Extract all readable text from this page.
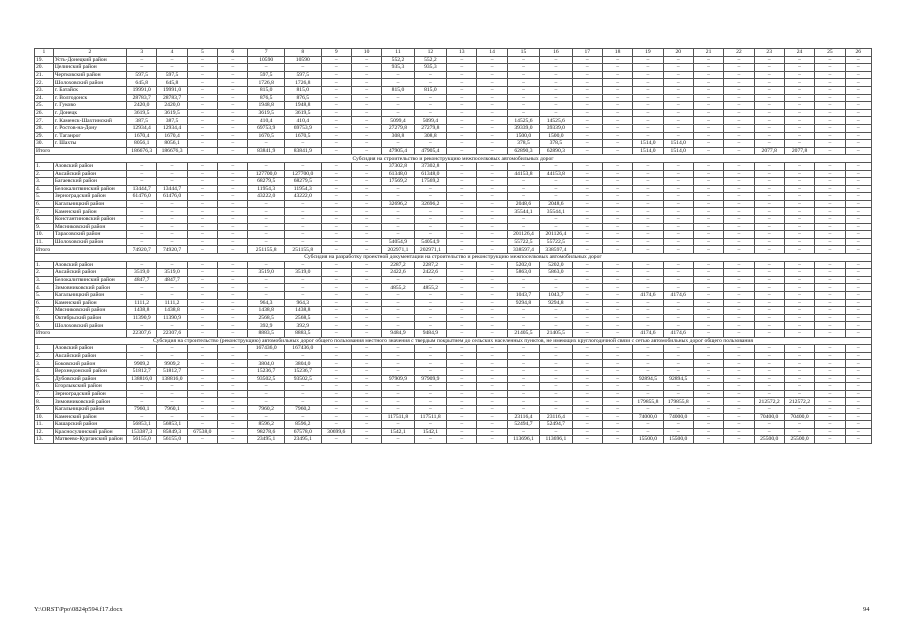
1	2	3	4	5	6	7	8	9	10	11	12	13	14	15	16	17	18	19	20	21	22	23	24	25	26
19.	Усть-Донецкий район	–	–	–	–	10590	10590	–	–	552,2	552,2	–	–	–	–	–	–	–	–	–	–	–	–	–	–
20.	Целинский район	–	–	–	–	–	–	–	–	935,3	935,3	–	–	–	–	–	–	–	–	–	–	–	–	–	–
21.	Чертковский район	597,5	597,5	–	–	597,5	597,5	–	–	–	–	–	–	–	–	–	–	–	–	–	–	–	–	–	–
22.	Шолоховский район	645,8	645,8	–	–	1726,8	1726,8	–	–	–	–	–	–	–	–	–	–	–	–	–	–	–	–	–	–
23.	г. Батайск	19991,0	19991,0	–	–	815,0	815,0	–	–	815,0	815,0	–	–	–	–	–	–	–	–	–	–	–	–	–	–
24.	г. Волгодонск	28783,7	28783,7	–	–	876,5	876,5	–	–	–	–	–	–	–	–	–	–	–	–	–	–	–	–	–	–
25.	г. Гуково	2420,0	2420,0	–	–	1948,8	1948,8	–	–	–	–	–	–	–	–	–	–	–	–	–	–	–	–	–	–
26.	г. Донецк	3619,5	3619,5	–	–	3619,5	3619,5	–	–	–	–	–	–	–	–	–	–	–	–	–	–	–	–	–	–
27.	г. Каменск-Шахтинский	387,5	387,5	–	–	410,4	410,4	–	–	5099,4	5099,4	–	–	14525,6	14525,6	–	–	–	–	–	–	–	–	–	–
28.	г. Ростов-на-Дону	12934,4	12934,4	–	–	69753,9	69753,9	–	–	27279,8	27279,8	–	–	39339,0	39339,0	–	–	–	–	–	–	–	–	–	–
29.	г. Таганрог	1670,4	1670,4	–	–	1670,5	1670,5	–	–	308,8	308,8	–	–	1500,0	1500,0	–	–	–	–	–	–	–	–	–	–
30.	г. Шахты	8056,1	8056,1	–	–	–	–	–	–	–	–	–	–	378,5	378,5	–	–	1514,0	1514,0	–	–	–	–	–	–
Итого		186676,3	186676,3	–	–	83841,9	83841,9	–	–	47905,4	47905,4	–	–	62890,3	62890,3	–	–	1514,0	1514,0	–	–	2077,8	2077,8	–	–
Субсидия на строительство и реконструкцию межпоселковых автомобильных дорог																									
1.	Азовский район	–	–	–	–	–	–	–	–	37302,8	37302,8	–	–	–	–	–	–	–	–	–	–	–	–	–	–
2.	Аксайский район	–	–	–	–	127700,0	127700,0	–	–	61348,0	61348,0	–	–	44153,8	44153,8	–	–	–	–	–	–	–	–	–	–
3.	Багаевский район	–	–	–	–	68279,5	68279,5	–	–	17569,2	17569,2	–	–	–	–	–	–	–	–	–	–	–	–	–	–
4.	Белокалитвинский район	13444,7	13444,7	–	–	11954,3	11954,3	–	–	–	–	–	–	–	–	–	–	–	–	–	–	–	–	–	–
5.	Зерноградский район	61476,0	61476,0	–	–	43222,0	43222,0	–	–	–	–	–	–	–	–	–	–	–	–	–	–	–	–	–	–
6.	Кагальницкий район	–	–	–	–	–	–	–	–	32696,2	32696,2	–	–	2048,6	2048,6	–	–	–	–	–	–	–	–	–	–
7.	Каменский район	–	–	–	–	–	–	–	–	–	–	–	–	35544,1	35544,1	–	–	–	–	–	–	–	–	–	–
8.	Константиновский район	–	–	–	–	–	–	–	–	–	–	–	–	–	–	–	–	–	–	–	–	–	–	–	–
9.	Мясниковский район	–	–	–	–	–	–	–	–	–	–	–	–	–	–	–	–	–	–	–	–	–	–	–	–
10.	Тарасовский район	–	–	–	–	–	–	–	–	–	–	–	–	201126,4	201126,4	–	–	–	–	–	–	–	–	–	–
11.	Шолоховский район	–	–	–	–	–	–	–	–	54054,9	54054,9	–	–	55722,5	55722,5	–	–	–	–	–	–	–	–	–	–
Итого		74920,7	74920,7	–	–	251155,8	251155,8	–	–	202971,1	202971,1	–	–	338597,4	338597,4	–	–	–	–	–	–	–	–	–	–
Субсидия на разработку проектной документации на строительство и реконструкцию межпоселковых автомобильных дорог																									
1.	Азовский район	–	–	–	–	–	–	–	–	2287,2	2287,2	–	–	5202,0	5202,0	–	–	–	–	–	–	–	–	–	–
2.	Аксайский район	3519,0	3519,0	–	–	3519,0	3519,0	–	–	2422,6	2422,6	–	–	5863,0	5863,0	–	–	–	–	–	–	–	–	–	–
3.	Белокалитвинский район	4847,7	4847,7	–	–	–	–	–	–	–	–	–	–	–	–	–	–	–	–	–	–	–	–	–	–
4.	Зимовниковский район	–	–	–	–	–	–	–	–	4855,2	4855,2	–	–	–	–	–	–	–	–	–	–	–	–	–	–
5.	Кагальницкий район	–	–	–	–	–	–	–	–	–	–	–	–	1043,7	1043,7	–	–	4174,6	4174,6	–	–	–	–	–	–
6.	Каменский район	1111,2	1111,2	–	–	964,3	964,3	–	–	–	–	–	–	9294,8	9294,8	–	–	–	–	–	–	–	–	–	–
7.	Мясниковский район	1438,8	1438,8	–	–	1438,8	1438,8	–	–	–	–	–	–	–	–	–	–	–	–	–	–	–	–	–	–
8.	Октябрьский район	11390,9	11390,9	–	–	2568,5	2568,5	–	–	–	–	–	–	–	–	–	–	–	–	–	–	–	–	–	–
9.	Шолоховский район	–	–	–	–	392,9	392,9	–	–	–	–	–	–	–	–	–	–	–	–	–	–	–	–	–	–
Итого		22307,6	22307,6	–	–	8883,5	8883,5	–	–	9484,9	9484,9	–	–	21405,5	21405,5	–	–	4174,6	4174,6	–	–	–	–	–	–
Субсидия на строительство (реконструкцию) автомобильных дорог общего пользования местного значения с твердым покрытием до сельских населенных пунктов, не имеющих круглогодичной связи с сетью автомобильных дорог общего пользования																									
1.	Азовский район	–	–	–	–	167436,0	167436,0	–	–	–	–	–	–	–	–	–	–	–	–	–	–	–	–	–	–
2.	Аксайский район	–	–	–	–	–	–	–	–	–	–	–	–	–	–	–	–	–	–	–	–	–	–	–	–
3.	Боковский район	9909,2	9909,2	–	–	3804,0	3804,0	–	–	–	–	–	–	–	–	–	–	–	–	–	–	–	–	–	–
4.	Верхнедонской район	51812,7	51812,7	–	–	15236,7	15236,7	–	–	–	–	–	–	–	–	–	–	–	–	–	–	–	–	–	–
5.	Дубовский район	138816,0	138816,0	–	–	93502,5	93502,5	–	–	97909,9	97909,9	–	–	–	–	–	–	92894,5	92894,5	–	–	–	–	–	–
6.	Егорлыкский район	–	–	–	–	–	–	–	–	–	–	–	–	–	–	–	–	–	–	–	–	–	–	–	–
7.	Зерноградский район	–	–	–	–	–	–	–	–	–	–	–	–	–	–	–	–	–	–	–	–	–	–	–	–
8.	Зимовниковский район	–	–	–	–	–	–	–	–	–	–	–	–	–	–	–	–	179855,8	179855,8	–	–	212572,2	212572,2	–	–
9.	Кагальницкий район	7960,1	7960,1	–	–	7960,2	7960,2	–	–	–	–	–	–	–	–	–	–	–	–	–	–	–	–	–	–
10.	Каменский район	–	–	–	–	–	–	–	–	117511,8	117511,8	–	–	23116,4	23116,4	–	–	74000,0	74000,0	–	–	70400,0	70400,0	–	–
11.	Кашарский район	56853,1	56853,1	–	–	8596,2	8596,2	–	–	–	–	–	–	52494,7	52494,7	–	–	–	–	–	–	–	–	–	–
12.	Красносулинский район	153387,3	85849,3	67538,0	–	98278,6	67578,0	30699,6	–	1542,1	1542,1	–	–	–	–	–	–	–	–	–	–	–	–	–	–
13.	Матвеево-Курганский район	56155,0	56155,0	–	–	23495,1	23495,1	–	–	–	–	–	–	113696,1	113696,1	–	–	15500,0	15500,0	–	–	25500,0	25500,0	–	–
Y:\ORST\Ppo\0824p594.f17.docx	94
